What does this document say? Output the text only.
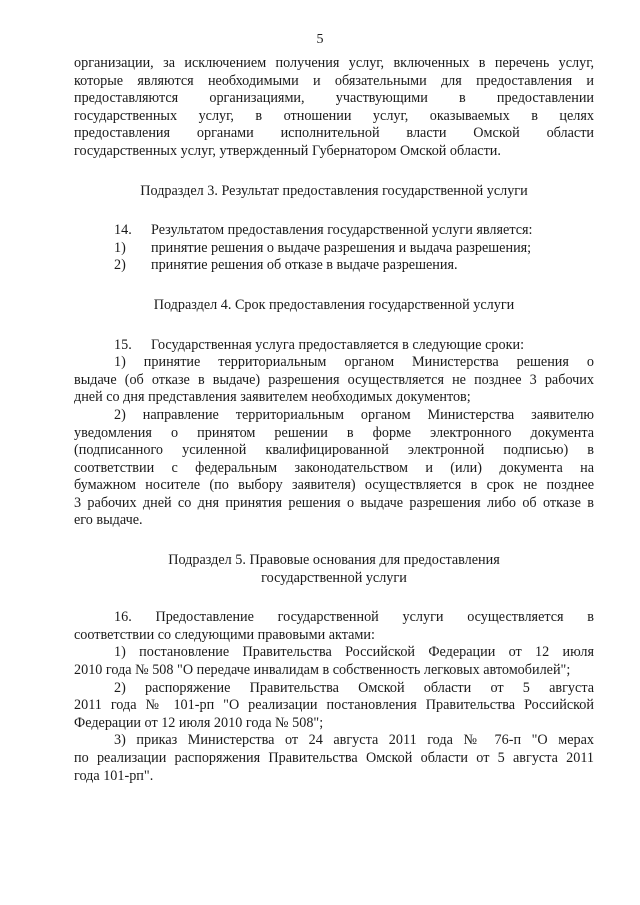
5
организации, за исключением получения услуг, включенных в перечень услуг,
которые являются необходимыми и обязательными для предоставления и
предоставляются организациями, участвующими в предоставлении
государственных услуг, в отношении услуг, оказываемых в целях
предоставления органами исполнительной власти Омской области
государственных услуг, утвержденный Губернатором Омской области.
Подраздел 3. Результат предоставления государственной услуги
14.	Результатом предоставления государственной услуги является:
1)	принятие решения о выдаче разрешения и выдача разрешения;
2)	принятие решения об отказе в выдаче разрешения.
Подраздел 4. Срок предоставления государственной услуги
15.	Государственная услуга предоставляется в следующие сроки:
1) принятие территориальным органом Министерства решения о
выдаче (об отказе в выдаче) разрешения осуществляется не позднее 3 рабочих
дней со дня представления заявителем необходимых документов;
2) направление территориальным органом Министерства заявителю
уведомления о принятом решении в форме электронного документа
(подписанного усиленной квалифицированной электронной подписью) в
соответствии с федеральным законодательством и (или) документа на
бумажном носителе (по выбору заявителя) осуществляется в срок не позднее
3 рабочих дней со дня принятия решения о выдаче разрешения либо об отказе в
его выдаче.
Подраздел 5. Правовые основания для предоставления
государственной услуги
16. Предоставление государственной услуги осуществляется в
соответствии со следующими правовыми актами:
1) постановление Правительства Российской Федерации от 12 июля
2010 года № 508 "О передаче инвалидам в собственность легковых автомобилей";
2) распоряжение Правительства Омской области от 5 августа
2011 года № 101-рп "О реализации постановления Правительства Российской
Федерации от 12 июля 2010 года № 508";
3) приказ Министерства от 24 августа 2011 года № 76-п "О мерах
по реализации распоряжения Правительства Омской области от 5 августа 2011
года 101-рп".
